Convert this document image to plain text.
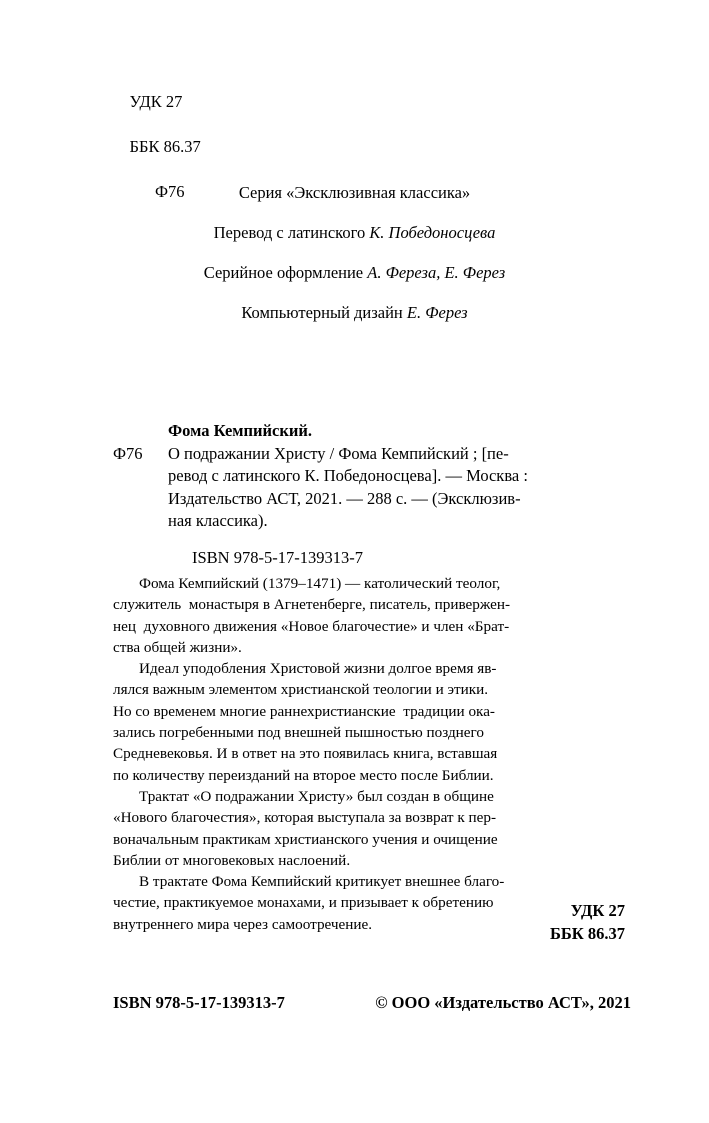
УДК 27

ББК 86.37

Ф76

	Серия «Эксклюзивная классика»
Перевод с латинского К. Победоносцева
Серийное оформление А. Фереза, Е. Ферез
Компьютерный дизайн Е. Ферез
Ф76
Фома Кемпийский.
О подражании Христу / Фома Кемпийский ; [пе-
ревод с латинского К. Победоносцева]. — Москва :
Издательство АСТ, 2021. — 288 с. — (Эксклюзив-
ная классика).
ISBN 978-5-17-139313-7

Фома Кемпийский (1379–1471) — католический теолог,
служитель  монастыря в Агнетенберге, писатель, привержен-
нец  духовного движения «Новое благочестие» и член «Брат-
ства общей жизни».

Идеал уподобления Христовой жизни долгое время яв-
лялся важным элементом христианской теологии и этики.
Но со временем многие раннехристианские  традиции ока-
зались погребенными под внешней пышностью позднего
Средневековья. И в ответ на это появилась книга, вставшая
по количеству переизданий на второе место после Библии.

Трактат «О подражании Христу» был создан в общине
«Нового благочестия», которая выступала за возврат к пер-
воначальным практикам христианского учения и очищение
Библии от многовековых наслоений.

В трактате Фома Кемпийский критикует внешнее благо-
честие, практикуемое монахами, и призывает к обретению
внутреннего мира через самоотречение.

УДК 27
ББК 86.37
ISBN 978-5-17-139313-7	© ООО «Издательство АСТ», 2021
